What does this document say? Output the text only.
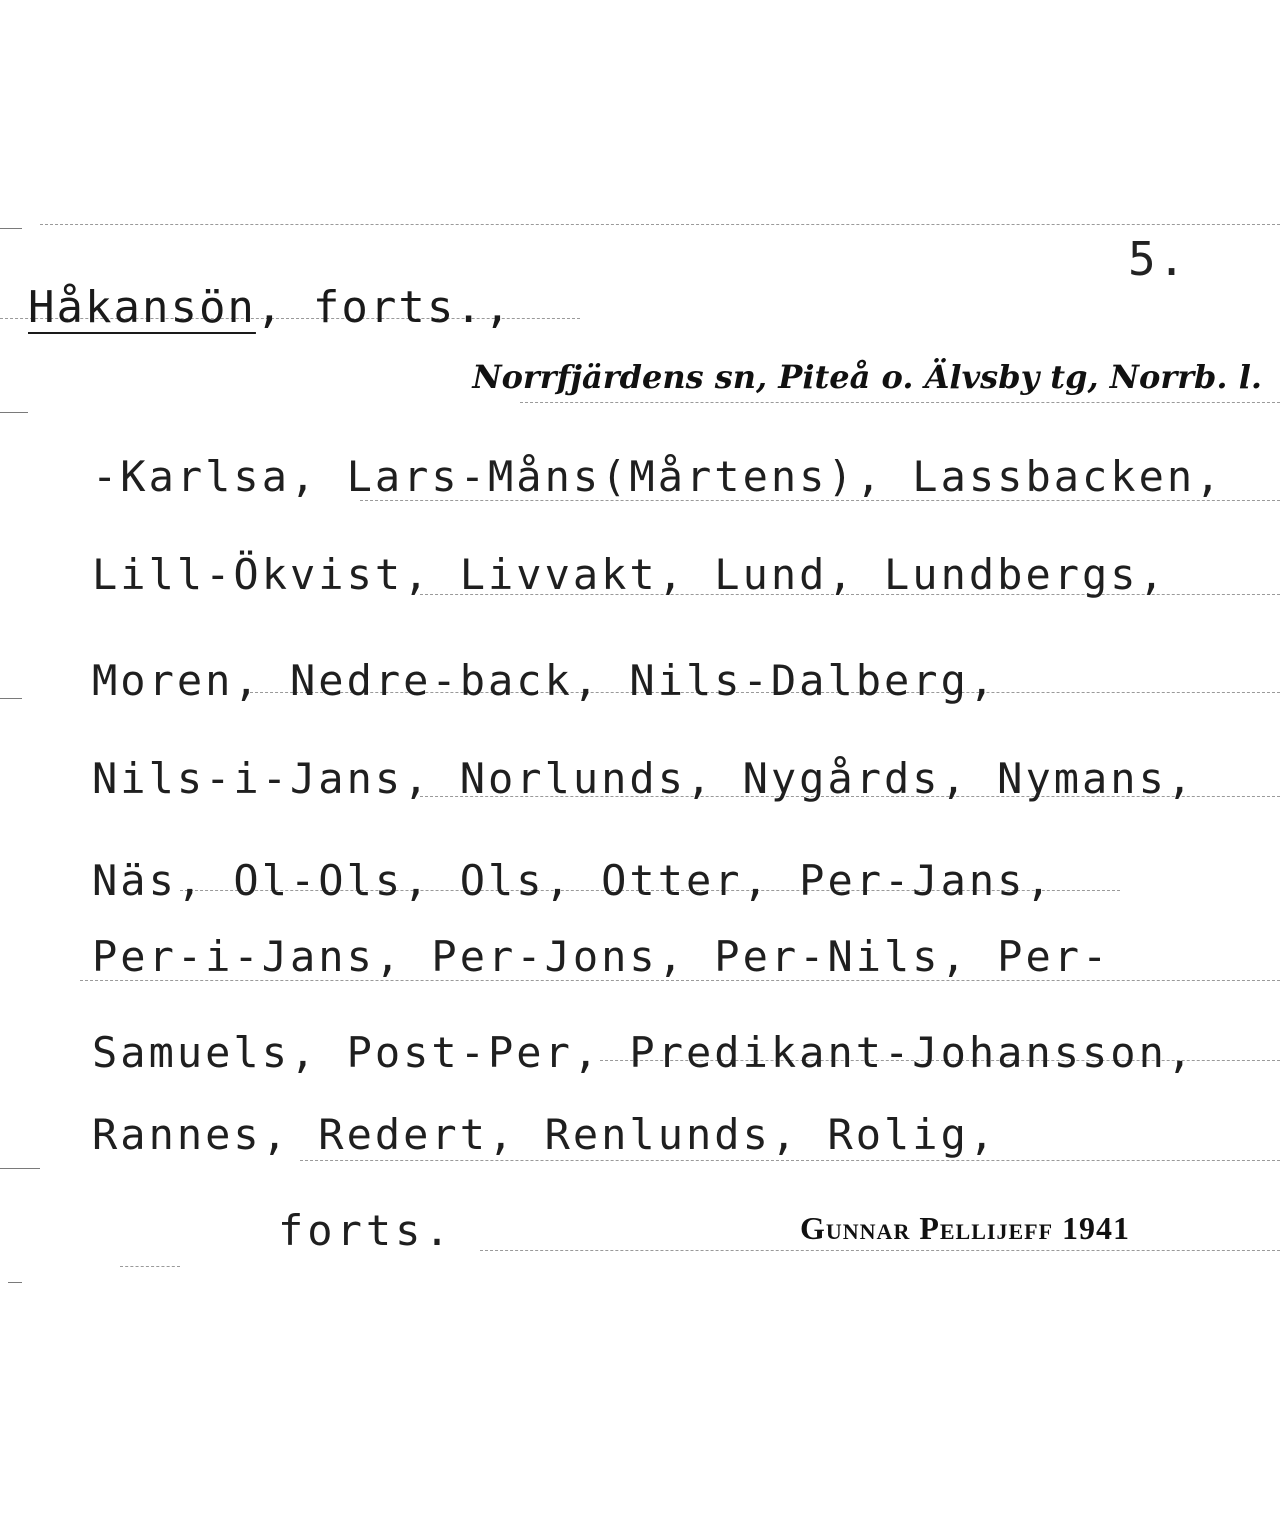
5.
Håkansön, forts.,
Norrfjärdens sn, Piteå o. Älvsby tg, Norrb. l.
-Karlsa, Lars-Måns(Mårtens), Lassbacken,
Lill-Ökvist, Livvakt, Lund, Lundbergs,
Moren, Nedre-back, Nils-Dalberg,
Nils-i-Jans, Norlunds, Nygårds, Nymans,
Näs, Ol-Ols, Ols, Otter, Per-Jans,
Per-i-Jans, Per-Jons, Per-Nils, Per-
Samuels, Post-Per, Predikant-Johansson,
Rannes, Redert, Renlunds, Rolig,
forts.	Gunnar Pellijeff 1941
